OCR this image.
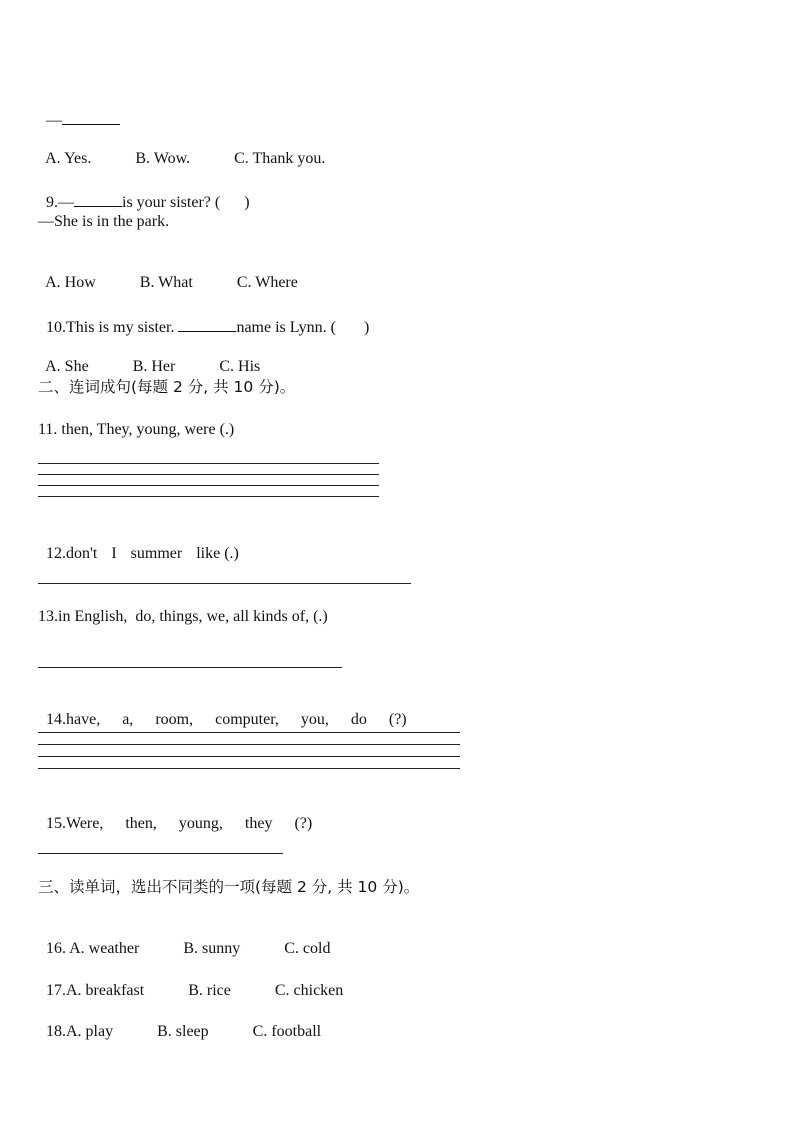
—

A. Yes.	B. Wow.	C. Thank you.

9.—	is your sister? ( )

—She is in the park.

A. How	B. What	C. Where

10.This is my sister.	name is Lynn. ( )

A. She	B. Her	C. His

二、连词成句(每题 2 分, 共 10 分)。
11. then, They, young, were (.)

12.don't I summer like (.)

13.in English,  do, things, we, all kinds of, (.)

14.have, a, room, computer, you, do (?)

15.Were, then, young, they (?)

三、读单词，选出不同类的一项(每题 2 分, 共 10 分)。

16. A. weather	B. sunny	C. cold

17.A. breakfast	B. rice	C. chicken

18.A. play	B. sleep	C. football
